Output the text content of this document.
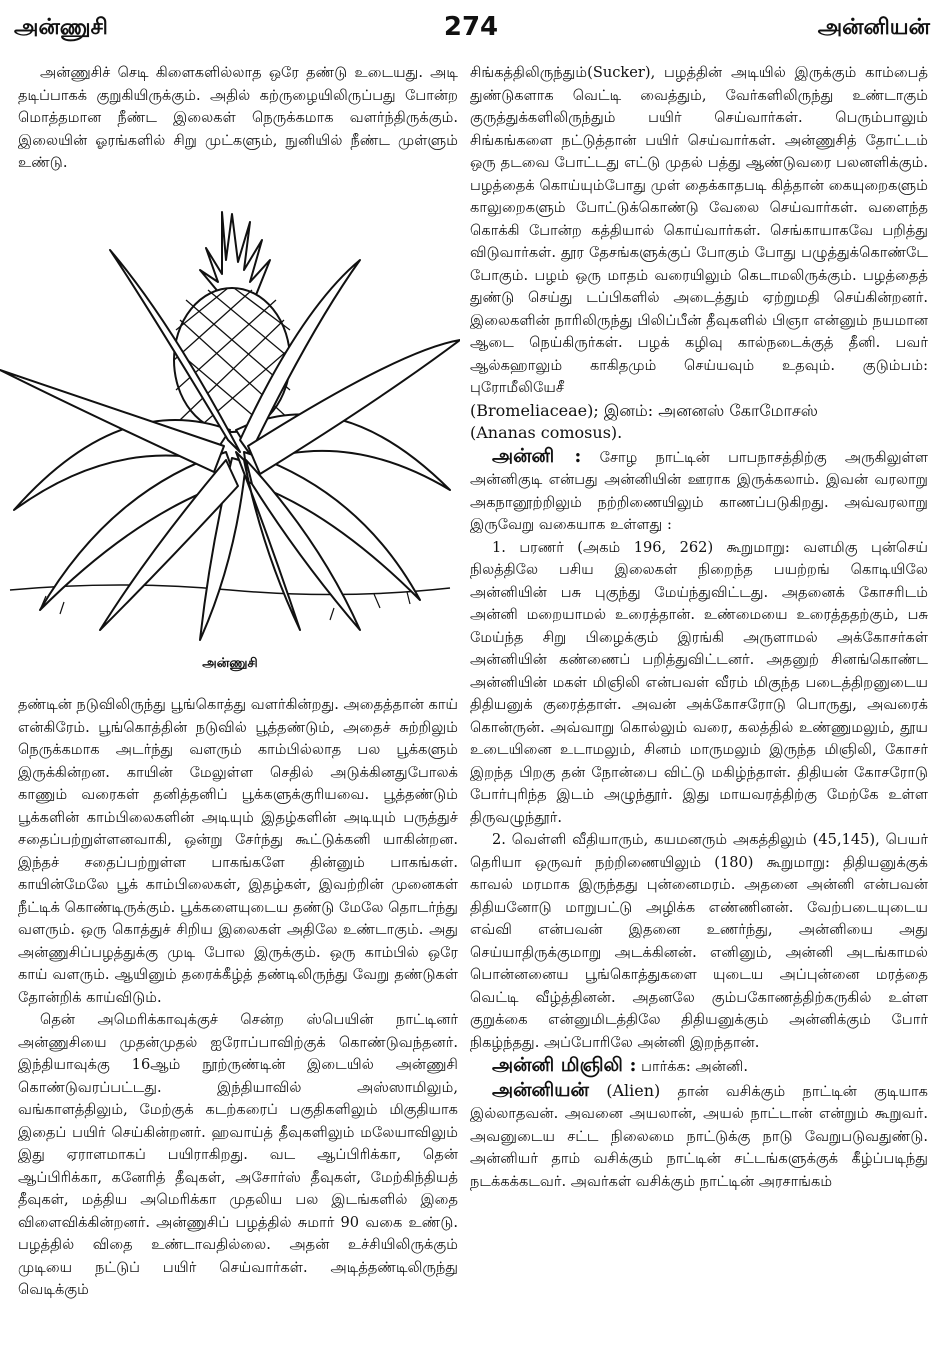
அன்ணுசி	274	அன்னியன்

அன்ணுசிச் செடி கிளைகளில்லாத ஒரே தண்டு உடையது. அடி தடிப்பாகக் குறுகியிருக்கும். அதில் கற்ருழையிலிருப்பது போன்ற மொத்தமான நீண்ட இலைகள் நெருக்கமாக வளர்ந்திருக்கும். இலையின் ஓரங்களில் சிறு முட்களும், நுனியில் நீண்ட முள்ளும் உண்டு.

அன்ணுசி

தண்டின் நடுவிலிருந்து பூங்கொத்து வளர்கின்றது. அதைத்தான் காய் என்கிரேம். பூங்கொத்தின் நடுவில் பூத்தண்டும், அதைச் சுற்றிலும் நெருக்கமாக அடர்ந்து வளரும் காம்பில்லாத பல பூக்களும் இருக்கின்றன. காயின் மேலுள்ள செதில் அடுக்கினதுபோலக் காணும் வரைகள் தனித்தனிப் பூக்களுக்குரியவை. பூத்தண்டும் பூக்களின் காம்பிலைகளின் அடியும் இதழ்களின் அடியும் பருத்துச் சதைப்பற்றுள்ளனவாகி, ஒன்று சேர்ந்து கூட்டுக்கனி யாகின்றன. இந்தச் சதைப்பற்றுள்ள பாகங்களே தின்னும் பாகங்கள். காயின்மேலே பூக் காம்பிலைகள், இதழ்கள், இவற்றின் முனைகள் நீட்டிக் கொண்டிருக்கும். பூக்களையுடைய தண்டு மேலே தொடர்ந்து வளரும். ஒரு கொத்துச் சிறிய இலைகள் அதிலே உண்டாகும். அது அன்ணுசிப்பழத்துக்கு முடி போல இருக்கும். ஒரு காம்பில் ஒரே காய் வளரும். ஆயினும் தரைக்கீழ்த் தண்டிலிருந்து வேறு தண்டுகள் தோன்றிக் காய்விடும்.

தென் அமெரிக்காவுக்குச் சென்ற ஸ்பெயின் நாட்டினர் அன்ணுசியை முதன்முதல் ஐரோப்பாவிற்குக் கொண்டுவந்தனர். இந்தியாவுக்கு 16ஆம் நூற்ருண்டின் இடையில் அன்ணுசி கொண்டுவரப்பட்டது. இந்தியாவில் அஸ்ஸாமிலும், வங்காளத்திலும், மேற்குக் கடற்கரைப் பகுதிகளிலும் மிகுதியாக இதைப் பயிர் செய்கின்றனர். ஹவாய்த் தீவுகளிலும் மலேயாவிலும் இது ஏராளமாகப் பயிராகிறது. வட ஆப்பிரிக்கா, தென் ஆப்பிரிக்கா, கனேரித் தீவுகள், அசோர்ஸ் தீவுகள், மேற்கிந்தியத் தீவுகள், மத்திய அமெரிக்கா முதலிய பல இடங்களில் இதை விளைவிக்கின்றனர். அன்ணுசிப் பழத்தில் சுமார் 90 வகை உண்டு. பழத்தில் விதை உண்டாவதில்லை. அதன் உச்சியிலிருக்கும் முடியை நட்டுப் பயிர் செய்வார்கள். அடித்தண்டிலிருந்து வெடிக்கும்

சிங்கத்திலிருந்தும்(Sucker), பழத்தின் அடியில் இருக்கும் காம்பைத் துண்டுகளாக வெட்டி வைத்தும், வேர்களிலிருந்து உண்டாகும் குருத்துக்களிலிருந்தும் பயிர் செய்வார்கள். பெரும்பாலும் சிங்கங்களை நட்டுத்தான் பயிர் செய்வார்கள். அன்ணுசித் தோட்டம் ஒரு தடவை போட்டது எட்டு முதல் பத்து ஆண்டுவரை பலனளிக்கும். பழத்தைக் கொய்யும்போது முள் தைக்காதபடி கித்தான் கையுறைகளும் காலுறைகளும் போட்டுக்கொண்டு வேலை செய்வார்கள். வளைந்த கொக்கி போன்ற கத்தியால் கொய்வார்கள். செங்காயாகவே பறித்து விடுவார்கள். தூர தேசங்களுக்குப் போகும் போது பழுத்துக்கொண்டே போகும். பழம் ஒரு மாதம் வரையிலும் கெடாமலிருக்கும். பழத்தைத் துண்டு செய்து டப்பிகளில் அடைத்தும் ஏற்றுமதி செய்கின்றனர். இலைகளின் நாரிலிருந்து பிலிப்பீன் தீவுகளில் பிஞா என்னும் நயமான ஆடை நெய்கிருர்கள். பழக் கழிவு கால்நடைக்குத் தீனி. பவர் ஆல்கஹாலும் காகிதமும் செய்யவும் உதவும். குடும்பம்: புரோமீலியேசீ

(Bromeliaceae); இனம்: அனனஸ் கோமோசஸ்

(Ananas comosus).

அன்னி : சோழ நாட்டின் பாபநாசத்திற்கு அருகிலுள்ள அன்னிகுடி என்பது அன்னியின் ஊராக இருக்கலாம். இவன் வரலாறு அகநானூற்றிலும் நற்றிணையிலும் காணப்படுகிறது. அவ்வரலாறு இருவேறு வகையாக உள்ளது :

1. பரணர் (அகம் 196, 262) கூறுமாறு: வளமிகு புன்செய் நிலத்திலே பசிய இலைகள் நிறைந்த பயற்றங் கொடியிலே அன்னியின் பசு புகுந்து மேய்ந்துவிட்டது. அதனைக் கோசரிடம் அன்னி மறையாமல் உரைத்தான். உண்மையை உரைத்ததற்கும், பசு மேய்ந்த சிறு பிழைக்கும் இரங்கி அருளாமல் அக்கோசர்கள் அன்னியின் கண்ணைப் பறித்துவிட்டனர். அதனுற் சினங்கொண்ட அன்னியின் மகள் மிஞிலி என்பவள் வீரம் மிகுந்த படைத்திறனுடைய திதியனுக் குரைத்தாள். அவன் அக்கோசரோடு பொருது, அவரைக் கொன்ருன். அவ்வாறு கொல்லும் வரை, கலத்தில் உண்ணுமலும், தூய உடையினை உடாமலும், சினம் மாருமலும் இருந்த மிஞிலி, கோசர் இறந்த பிறகு தன் நோன்பை விட்டு மகிழ்ந்தாள். திதியன் கோசரோடு போர்புரிந்த இடம் அழுந்தூர். இது மாயவரத்திற்கு மேற்கே உள்ள திருவழுந்தூர்.

2. வெள்ளி வீதியாரும், கயமனரும் அகத்திலும் (45,145), பெயர் தெரியா ஒருவர் நற்றிணையிலும் (180) கூறுமாறு: திதியனுக்குக் காவல் மரமாக இருந்தது புன்னைமரம். அதனை அன்னி என்பவன் திதியனோடு மாறுபட்டு அழிக்க எண்ணினன். வேற்படையுடைய எவ்வி என்பவன் இதனை உணர்ந்து, அன்னியை அது செய்யாதிருக்குமாறு அடக்கினன். எனினும், அன்னி அடங்காமல் பொன்னனைய பூங்கொத்துகளை யுடைய அப்புன்னை மரத்தை வெட்டி வீழ்த்தினன். அதனலே கும்பகோணத்திற்கருகில் உள்ள குறுக்கை என்னுமிடத்திலே திதியனுக்கும் அன்னிக்கும் போர் நிகழ்ந்தது. அப்போரிலே அன்னி இறந்தான்.

அன்னி மிஞிலி : பார்க்க: அன்னி.

அன்னியன் (Alien) தான் வசிக்கும் நாட்டின் குடியாக இல்லாதவன். அவனை அயலான், அயல் நாட்டான் என்றும் கூறுவர். அவனுடைய சட்ட நிலைமை நாட்டுக்கு நாடு வேறுபடுவதுண்டு. அன்னியர் தாம் வசிக்கும் நாட்டின் சட்டங்களுக்குக் கீழ்ப்படிந்து நடக்கக்கடவர். அவர்கள் வசிக்கும் நாட்டின் அரசாங்கம்
